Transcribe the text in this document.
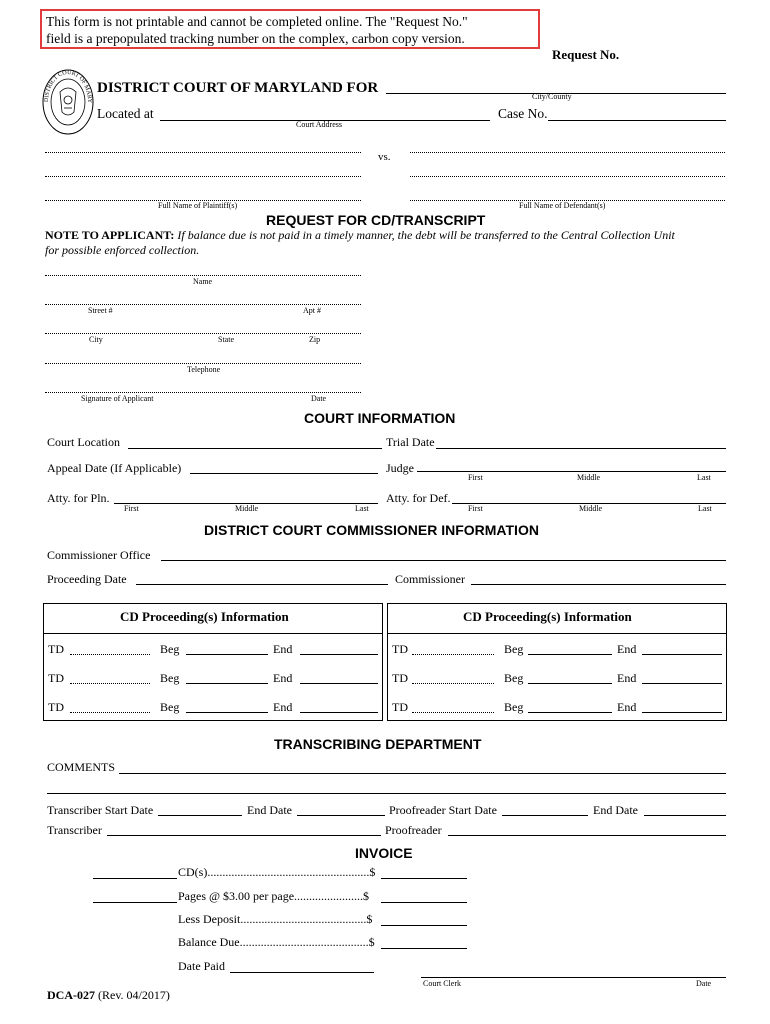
This form is not printable and cannot be completed online. The "Request No."
field is a prepopulated tracking number on the complex, carbon copy version.
Request No.
DISTRICT COURT OF MARY
DISTRICT COURT OF MARYLAND FOR
City/County
Located at
Court Address
Case No.
Full Name of Plaintiff(s)
vs.
Full Name of Defendant(s)
REQUEST FOR CD/TRANSCRIPT
NOTE TO APPLICANT: If balance due is not paid in a timely manner, the debt will be transferred to the Central Collection Unit
for possible enforced collection.
Name
Street #	Apt #
City	State	Zip
Telephone
Signature of Applicant	Date
COURT INFORMATION
Court Location	Trial Date
Appeal Date (If Applicable)	Judge
First	Middle	Last
Atty. for Pln.
First	Middle	Last
Atty. for Def.
First	Middle	Last
DISTRICT COURT COMMISSIONER INFORMATION
Commissioner Office
Proceeding Date	Commissioner
CD Proceeding(s) Information
TD	Beg	End
TD	Beg	End
TD	Beg	End
CD Proceeding(s) Information
TD	Beg	End
TD	Beg	End
TD	Beg	End
TRANSCRIBING DEPARTMENT
COMMENTS
Transcriber Start Date	End Date	Proofreader Start Date	End Date
Transcriber	Proofreader
INVOICE
CD(s)......................................................$
Pages @ $3.00 per page.......................$
Less Deposit..........................................$
Balance Due...........................................$
Date Paid
Court Clerk	Date
DCA-027 (Rev. 04/2017)
